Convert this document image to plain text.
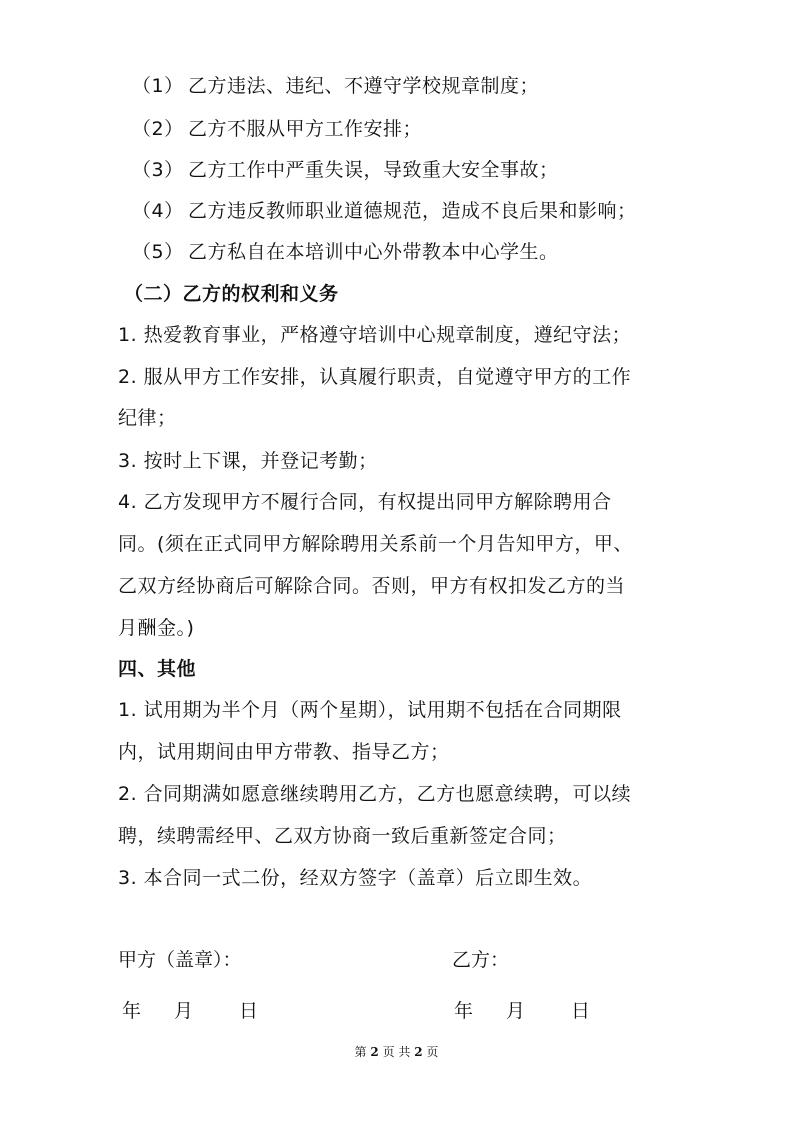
（1） 乙方违法、违纪、不遵守学校规章制度；
（2） 乙方不服从甲方工作安排；
（3） 乙方工作中严重失误，导致重大安全事故；
（4） 乙方违反教师职业道德规范，造成不良后果和影响；
（5） 乙方私自在本培训中心外带教本中心学生。
（二）乙方的权利和义务
1. 热爱教育事业，严格遵守培训中心规章制度，遵纪守法；
2. 服从甲方工作安排，认真履行职责，自觉遵守甲方的工作
纪律；
3. 按时上下课，并登记考勤；
4. 乙方发现甲方不履行合同，有权提出同甲方解除聘用合
同。(须在正式同甲方解除聘用关系前一个月告知甲方，甲、
乙双方经协商后可解除合同。否则，甲方有权扣发乙方的当
月酬金。)
四、其他
1. 试用期为半个月（两个星期），试用期不包括在合同期限
内，试用期间由甲方带教、指导乙方；
2. 合同期满如愿意继续聘用乙方，乙方也愿意续聘，可以续
聘，续聘需经甲、乙双方协商一致后重新签定合同；
3. 本合同一式二份，经双方签字（盖章）后立即生效。
甲方（盖章）：	乙方：
年 月 日	年 月 日
第 2 页 共 2 页
